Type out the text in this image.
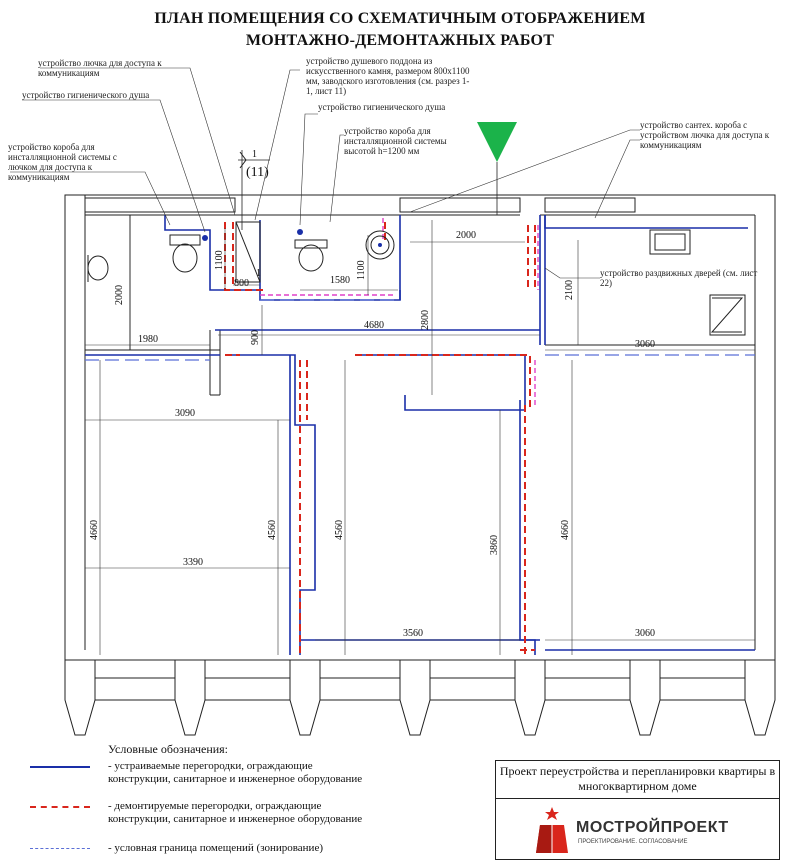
ПЛАН ПОМЕЩЕНИЯ СО СХЕМАТИЧНЫМ ОТОБРАЖЕНИЕМ
МОНТАЖНО-ДЕМОНТАЖНЫХ РАБОТ
устройство лючка для доступа к коммуникациям
устройство гигиенического душа
устройство короба для инсталляционной системы с лючком для доступа к коммуникациям
устройство душевого поддона из искусственного камня, размером 800х1100 мм, заводского изготовления (см. разрез 1-1, лист 11)
устройство гигиенического душа
устройство короба для инсталляционной системы высотой h=1200 мм
устройство сантех. короба с устройством лючка для доступа к коммуникациям
устройство раздвижных дверей (см. лист 22)
1
(11)
2000
1980
1100
800
1
1580
1100
2000
2100
900
4680	2800
3060
3090
4660	4560	4560
3390
3860
4660
3560	3060
Условные обозначения:
- устраиваемые перегородки, ограждающие конструкции, санитарное и инженерное оборудование
- демонтируемые перегородки, ограждающие конструкции, санитарное и инженерное оборудование
- условная граница помещений (зонирование)
Проект переустройства и перепланировки квартиры в многоквартирном доме
МОСТРОЙПРОЕКТ
ПРОЕКТИРОВАНИЕ. СОГЛАСОВАНИЕ
